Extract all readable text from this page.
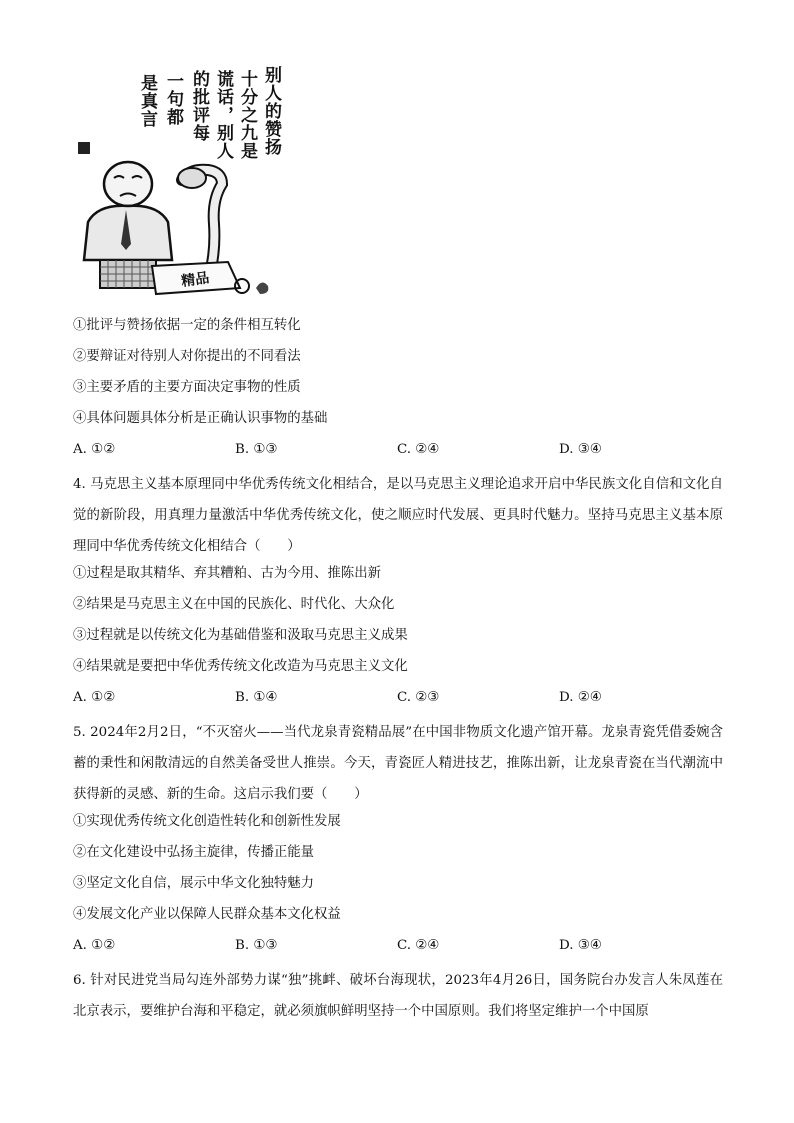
精品
别人的赞扬
十分之九是
谎话，别人
的批评每
一句都
是真言
①批评与赞扬依据一定的条件相互转化
②要辩证对待别人对你提出的不同看法
③主要矛盾的主要方面决定事物的性质
④具体问题具体分析是正确认识事物的基础
A. ①②	B. ①③	C. ②④	D. ③④
4. 马克思主义基本原理同中华优秀传统文化相结合，是以马克思主义理论追求开启中华民族文化自信和文化自觉的新阶段，用真理力量激活中华优秀传统文化，使之顺应时代发展、更具时代魅力。坚持马克思主义基本原理同中华优秀传统文化相结合（　　）
①过程是取其精华、弃其糟粕、古为今用、推陈出新
②结果是马克思主义在中国的民族化、时代化、大众化
③过程就是以传统文化为基础借鉴和汲取马克思主义成果
④结果就是要把中华优秀传统文化改造为马克思主义文化
A. ①②	B. ①④	C. ②③	D. ②④
5. 2024年2月2日，“不灭窑火——当代龙泉青瓷精品展”在中国非物质文化遗产馆开幕。龙泉青瓷凭借委婉含蓄的秉性和闲散清远的自然美备受世人推崇。今天，青瓷匠人精进技艺，推陈出新，让龙泉青瓷在当代潮流中获得新的灵感、新的生命。这启示我们要（　　）
①实现优秀传统文化创造性转化和创新性发展
②在文化建设中弘扬主旋律，传播正能量
③坚定文化自信，展示中华文化独特魅力
④发展文化产业以保障人民群众基本文化权益
A. ①②	B. ①③	C. ②④	D. ③④
6. 针对民进党当局勾连外部势力谋“独”挑衅、破坏台海现状，2023年4月26日，国务院台办发言人朱凤莲在北京表示，要维护台海和平稳定，就必须旗帜鲜明坚持一个中国原则。我们将坚定维护一个中国原
